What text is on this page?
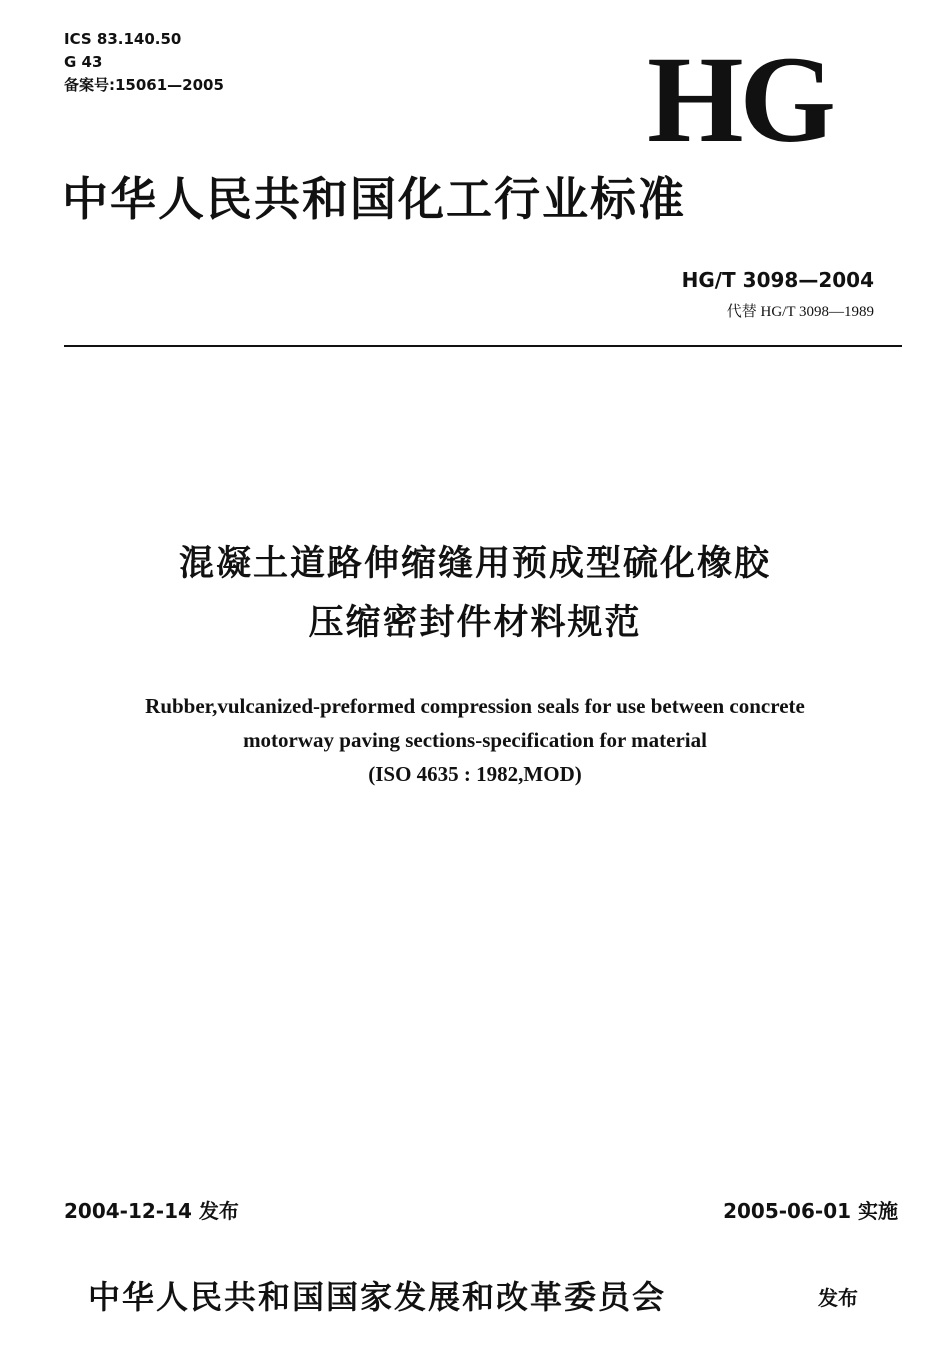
ICS 83.140.50
G 43
备案号:15061—2005	HG
中华人民共和国化工行业标准
HG/T 3098—2004
代替 HG/T 3098—1989
混凝土道路伸缩缝用预成型硫化橡胶
压缩密封件材料规范
Rubber,vulcanized-preformed compression seals for use between concrete
motorway paving sections-specification for material
(ISO 4635 : 1982,MOD)
2004-12-14 发布	2005-06-01 实施
中华人民共和国国家发展和改革委员会	发布
